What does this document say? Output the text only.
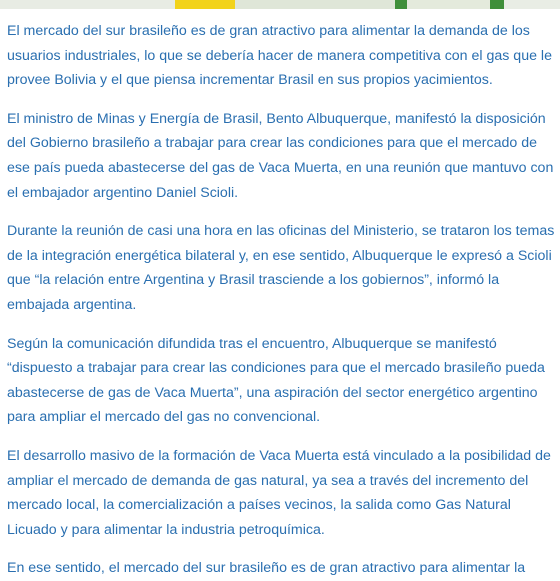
El mercado del sur brasileño es de gran atractivo para alimentar la demanda de los usuarios industriales, lo que se debería hacer de manera competitiva con el gas que le provee Bolivia y el que piensa incrementar Brasil en sus propios yacimientos.

El ministro de Minas y Energía de Brasil, Bento Albuquerque, manifestó la disposición del Gobierno brasileño a trabajar para crear las condiciones para que el mercado de ese país pueda abastecerse del gas de Vaca Muerta, en una reunión que mantuvo con el embajador argentino Daniel Scioli.

Durante la reunión de casi una hora en las oficinas del Ministerio, se trataron los temas de la integración energética bilateral y, en ese sentido, Albuquerque le expresó a Scioli que “la relación entre Argentina y Brasil trasciende a los gobiernos”, informó la embajada argentina.

Según la comunicación difundida tras el encuentro, Albuquerque se manifestó “dispuesto a trabajar para crear las condiciones para que el mercado brasileño pueda abastecerse de gas de Vaca Muerta”, una aspiración del sector energético argentino para ampliar el mercado del gas no convencional.

El desarrollo masivo de la formación de Vaca Muerta está vinculado a la posibilidad de ampliar el mercado de demanda de gas natural, ya sea a través del incremento del mercado local, la comercialización a países vecinos, la salida como Gas Natural Licuado y para alimentar la industria petroquímica.

En ese sentido, el mercado del sur brasileño es de gran atractivo para alimentar la
